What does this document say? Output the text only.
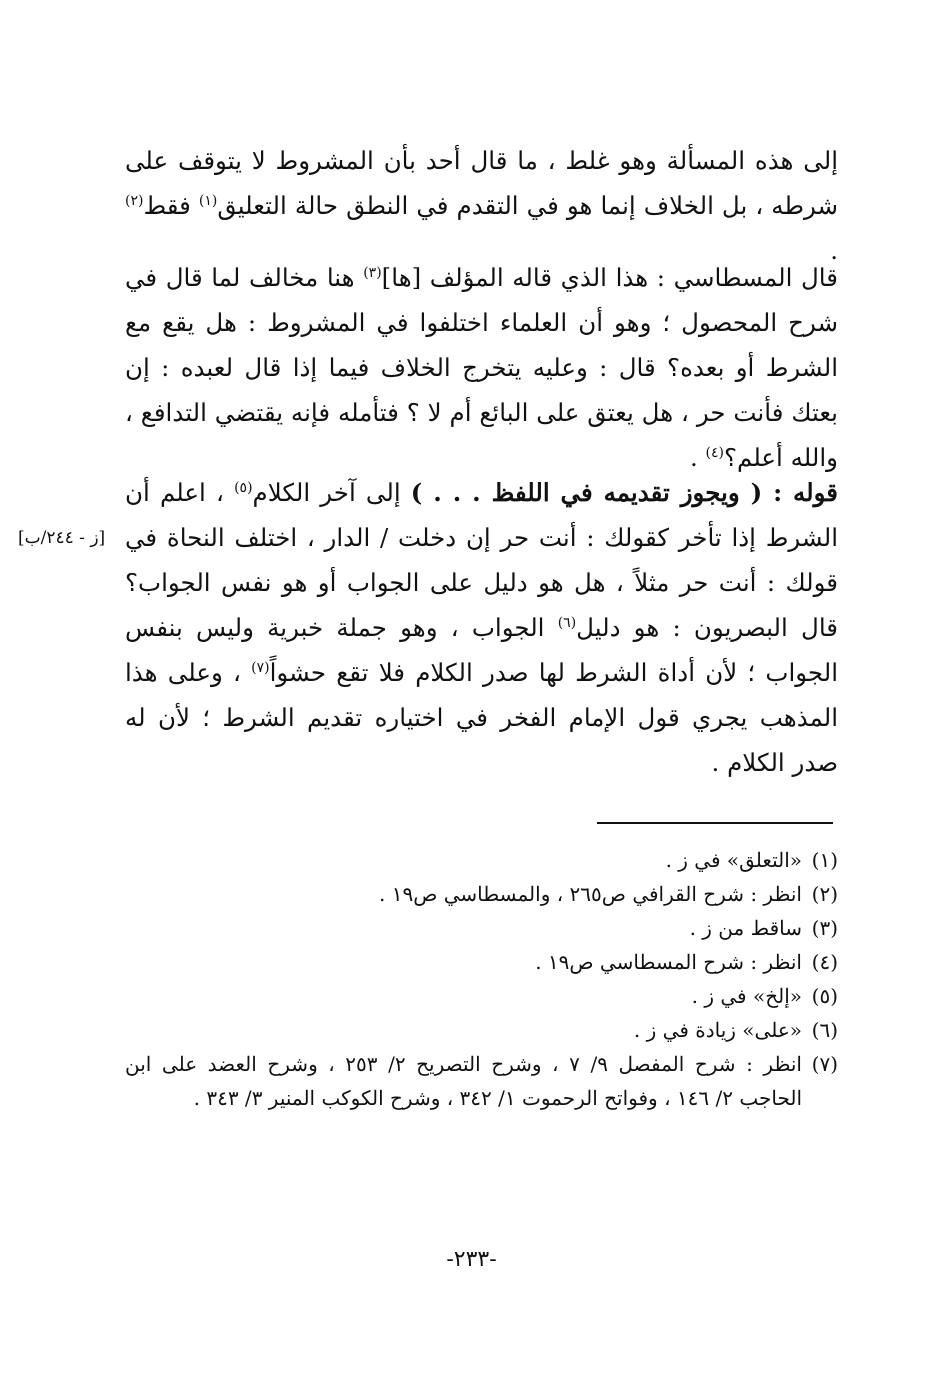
إلى هذه المسألة وهو غلط ، ما قال أحد بأن المشروط لا يتوقف على شرطه ، بل الخلاف إنما هو في التقدم في النطق حالة التعليق$^{(١)}$ فقط$^{(٢)}$ .

قال المسطاسي : هذا الذي قاله المؤلف [ها]$^{(٣)}$ هنا مخالف لما قال في شرح المحصول ؛ وهو أن العلماء اختلفوا في المشروط : هل يقع مع الشرط أو بعده؟ قال : وعليه يتخرج الخلاف فيما إذا قال لعبده : إن بعتك فأنت حر ، هل يعتق على البائع أم لا ؟ فتأمله فإنه يقتضي التدافع ، والله أعلم؟$^{(٤)}$ .

قوله : ( ويجوز تقديمه في اللفظ . . . ) إلى آخر الكلام$^{(٥)}$ ، اعلم أن الشرط إذا تأخر كقولك : أنت حر إن دخلت / الدار ، اختلف النحاة في قولك : أنت حر مثلاً ، هل هو دليل على الجواب أو هو نفس الجواب؟ قال البصريون : هو دليل$^{(٦)}$ الجواب ، وهو جملة خبرية وليس بنفس الجواب ؛ لأن أداة الشرط لها صدر الكلام فلا تقع حشواً$^{(٧)}$ ، وعلى هذا المذهب يجري قول الإمام الفخر في اختياره تقديم الشرط ؛ لأن له صدر الكلام .

[ز - ٢٤٤/ب]
(١)
«التعلق» في ز .
(٢)
انظر : شرح القرافي ص٢٦٥ ، والمسطاسي ص١٩ .
(٣)
ساقط من ز .
(٤)
انظر : شرح المسطاسي ص١٩ .
(٥)
«إلخ» في ز .
(٦)
«على» زيادة في ز .
(٧)
انظر : شرح المفصل ٩/ ٧ ، وشرح التصريح ٢/ ٢٥٣ ، وشرح العضد على ابن الحاجب ٢/ ١٤٦ ، وفواتح الرحموت ١/ ٣٤٢ ، وشرح الكوكب المنير ٣/ ٣٤٣ .
-٢٣٣-
